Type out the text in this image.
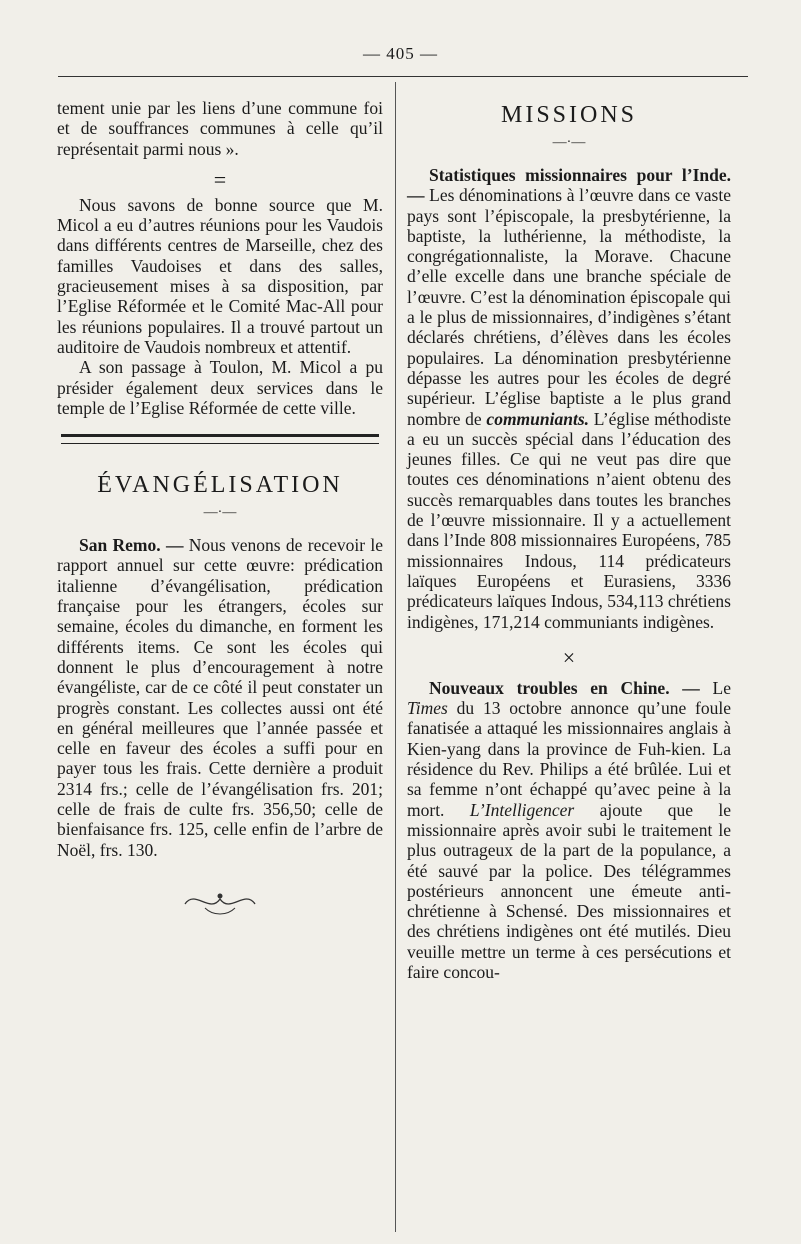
— 405 —

tement unie par les liens d’une commune foi et de souffrances communes à celle qu’il représentait parmi nous ».

=

Nous savons de bonne source que M. Micol a eu d’autres réunions pour les Vaudois dans différents centres de Marseille, chez des familles Vaudoises et dans des salles, gracieusement mises à sa disposition, par l’Eglise Réformée et le Comité Mac-All pour les réunions populaires. Il a trouvé partout un auditoire de Vaudois nombreux et attentif.

A son passage à Toulon, M. Micol a pu présider également deux services dans le temple de l’Eglise Réformée de cette ville.

ÉVANGÉLISATION
—·—

San Remo. — Nous venons de recevoir le rapport annuel sur cette œuvre: prédication italienne d’évangélisation, prédication française pour les étrangers, écoles sur semaine, écoles du dimanche, en forment les différents items. Ce sont les écoles qui donnent le plus d’encouragement à notre évangéliste, car de ce côté il peut constater un progrès constant. Les collectes aussi ont été en général meilleures que l’année passée et celle en faveur des écoles a suffi pour en payer tous les frais. Cette dernière a produit 2314 frs.; celle de l’évangélisation frs. 201; celle de frais de culte frs. 356,50; celle de bienfaisance frs. 125, celle enfin de l’arbre de Noël, frs. 130.

MISSIONS
—·—

Statistiques missionnaires pour l’Inde. — Les dénominations à l’œuvre dans ce vaste pays sont l’épiscopale, la presbytérienne, la baptiste, la luthérienne, la méthodiste, la congrégationnaliste, la Morave. Chacune d’elle excelle dans une branche spéciale de l’œuvre. C’est la dénomination épiscopale qui a le plus de missionnaires, d’indigènes s’étant déclarés chrétiens, d’élèves dans les écoles populaires. La dénomination presbytérienne dépasse les autres pour les écoles de degré supérieur. L’église baptiste a le plus grand nombre de communiants. L’église méthodiste a eu un succès spécial dans l’éducation des jeunes filles. Ce qui ne veut pas dire que toutes ces dénominations n’aient obtenu des succès remarquables dans toutes les branches de l’œuvre missionnaire. Il y a actuellement dans l’Inde 808 missionnaires Européens, 785 missionnaires Indous, 114 prédicateurs laïques Européens et Eurasiens, 3336 prédicateurs laïques Indous, 534,113 chrétiens indigènes, 171,214 communiants indigènes.

×

Nouveaux troubles en Chine. — Le Times du 13 octobre annonce qu’une foule fanatisée a attaqué les missionnaires anglais à Kien-yang dans la province de Fuh-kien. La résidence du Rev. Philips a été brûlée. Lui et sa femme n’ont échappé qu’avec peine à la mort. L’Intelligencer ajoute que le missionnaire après avoir subi le traitement le plus outrageux de la part de la populance, a été sauvé par la police. Des télégrammes postérieurs annoncent une émeute anti-chrétienne à Schensé. Des missionnaires et des chrétiens indigènes ont été mutilés. Dieu veuille mettre un terme à ces persécutions et faire concou-
